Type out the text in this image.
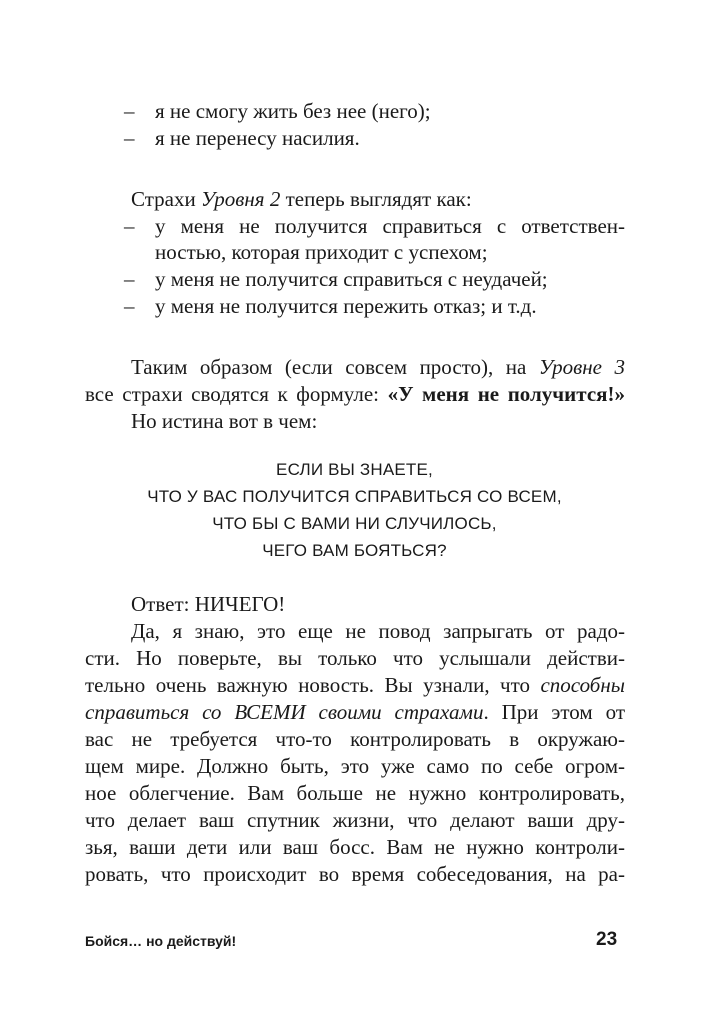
– я не смогу жить без нее (него);
– я не перенесу насилия.
Страхи Уровня 2 теперь выглядят как:
– у меня не получится справиться с ответствен-
ностью, которая приходит с успехом;
– у меня не получится справиться с неудачей;
– у меня не получится пережить отказ; и т.д.
Таким образом (если совсем просто), на Уровне 3
все страхи сводятся к формуле: «У меня не получится!»
Но истина вот в чем:
ЕСЛИ ВЫ ЗНАЕТЕ,
ЧТО У ВАС ПОЛУЧИТСЯ СПРАВИТЬСЯ СО ВСЕМ,
ЧТО БЫ С ВАМИ НИ СЛУЧИЛОСЬ,
ЧЕГО ВАМ БОЯТЬСЯ?
Ответ: НИЧЕГО!
Да, я знаю, это еще не повод запрыгать от радо-
сти. Но поверьте, вы только что услышали действи-
тельно очень важную новость. Вы узнали, что способны
справиться со ВСЕМИ своими страхами. При этом от
вас не требуется что-то контролировать в окружаю-
щем мире. Должно быть, это уже само по себе огром-
ное облегчение. Вам больше не нужно контролировать,
что делает ваш спутник жизни, что делают ваши дру-
зья, ваши дети или ваш босс. Вам не нужно контроли-
ровать, что происходит во время собеседования, на ра-
Бойся… но действуй!	23
